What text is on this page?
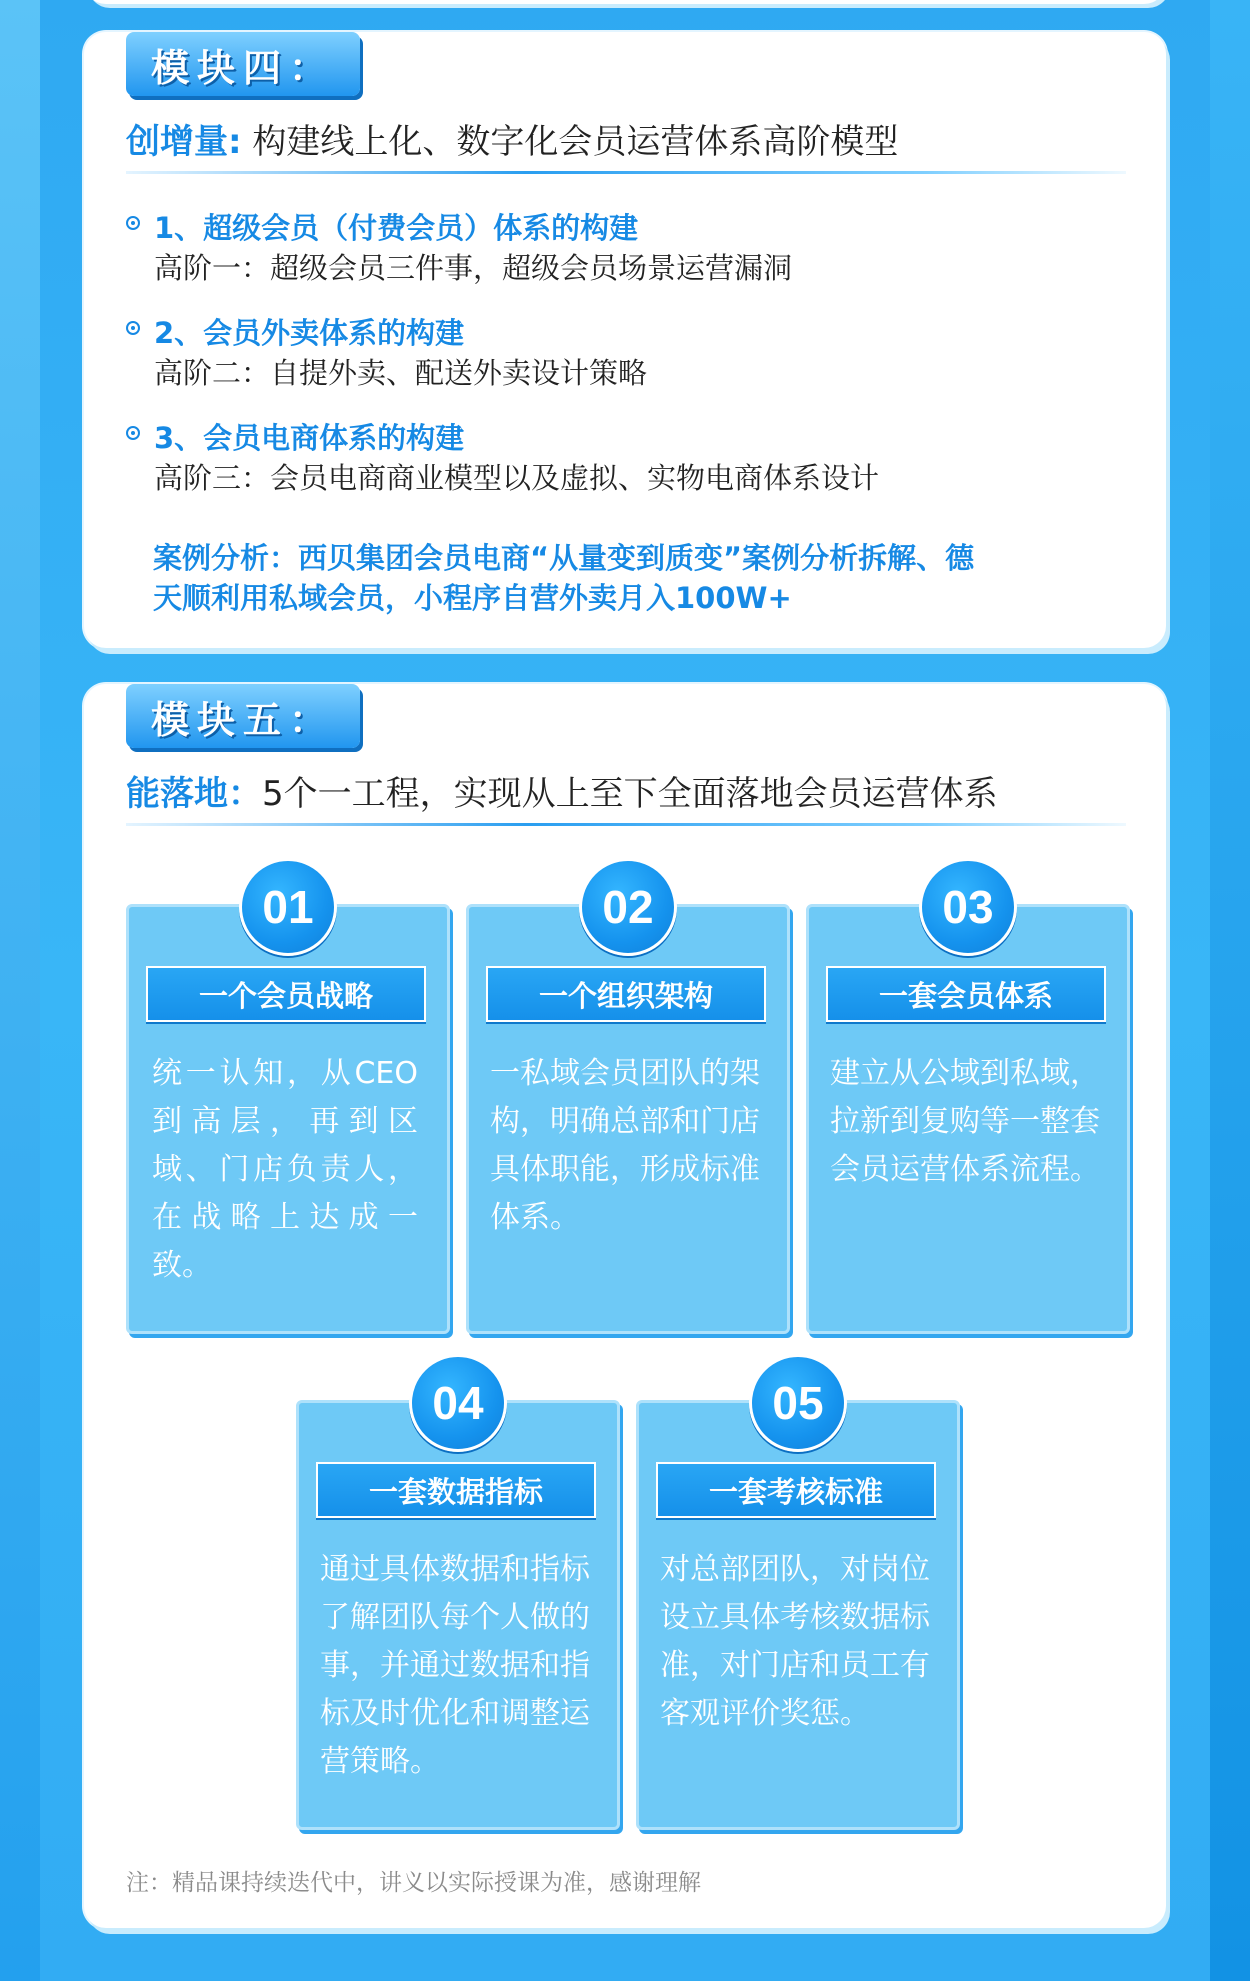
模块四：
创增量: 构建线上化、数字化会员运营体系高阶模型
1、超级会员（付费会员）体系的构建
高阶一：超级会员三件事，超级会员场景运营漏洞
2、会员外卖体系的构建
高阶二：自提外卖、配送外卖设计策略
3、会员电商体系的构建
高阶三：会员电商商业模型以及虚拟、实物电商体系设计
案例分析：西贝集团会员电商“从量变到质变”案例分析拆解、德
天顺利用私域会员，小程序自营外卖月入100W+
模块五：
能落地：5个一工程，实现从上至下全面落地会员运营体系
01
一个会员战略
统一认知，从CEO到高层，再到区域、门店负责人，在战略上达成一致。
02
一个组织架构
一私域会员团队的架构，明确总部和门店具体职能，形成标准体系。
03
一套会员体系
建立从公域到私域，拉新到复购等一整套会员运营体系流程。
04
一套数据指标
通过具体数据和指标了解团队每个人做的事，并通过数据和指标及时优化和调整运营策略。
05
一套考核标准
对总部团队，对岗位设立具体考核数据标准，对门店和员工有客观评价奖惩。
注：精品课持续迭代中，讲义以实际授课为准，感谢理解
